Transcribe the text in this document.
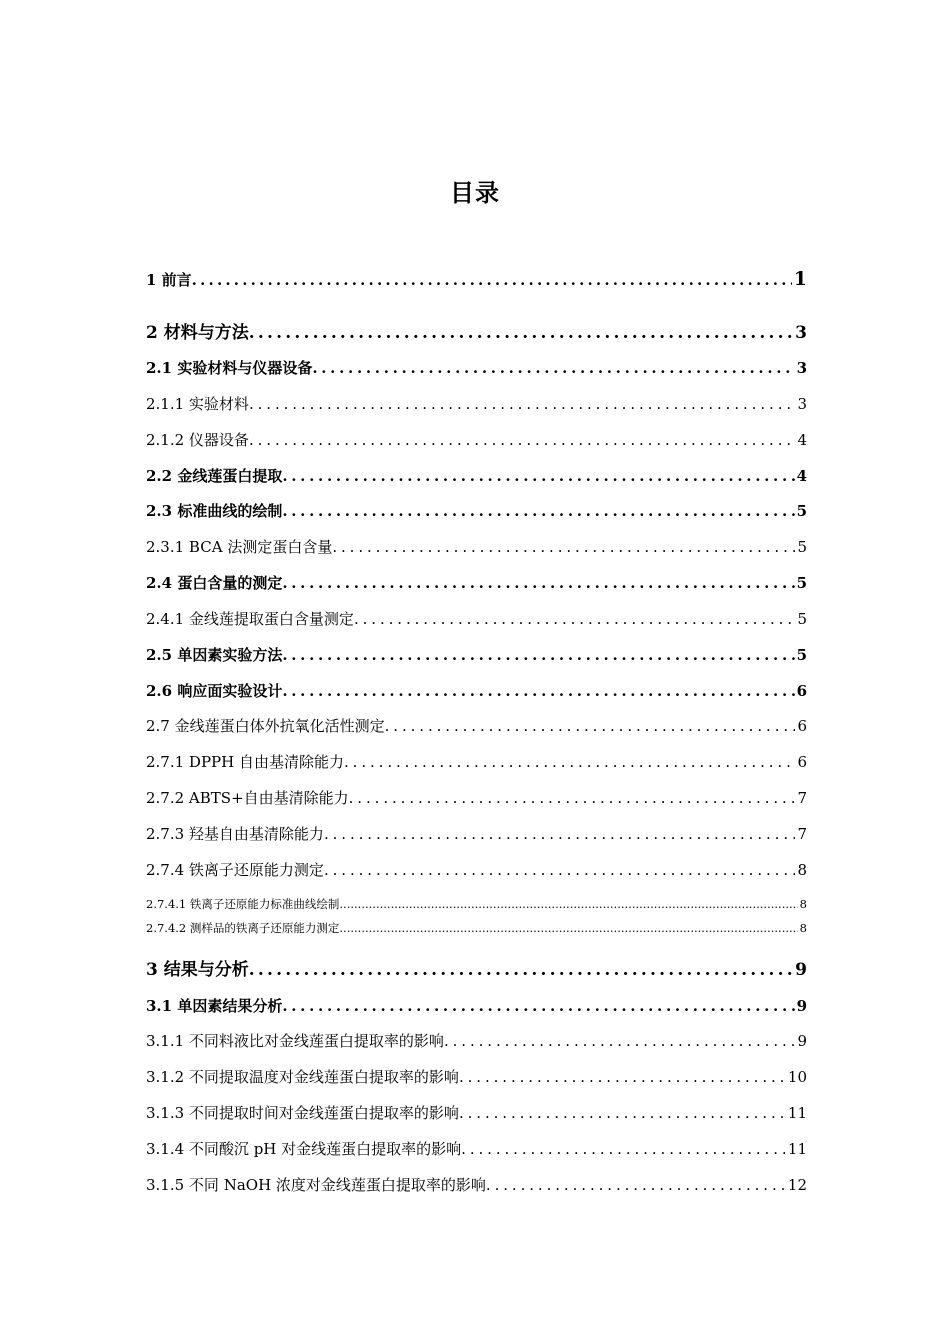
目录
1 前言 .....	1
2 材料与方法 .....	3
2.1 实验材料与仪器设备 .....	3
2.1.1 实验材料 .....	3
2.1.2 仪器设备 .....	4
2.2 金线莲蛋白提取 .....	4
2.3 标准曲线的绘制 .....	5
2.3.1 BCA 法测定蛋白含量 .....	5
2.4 蛋白含量的测定 .....	5
2.4.1 金线莲提取蛋白含量测定 .....	5
2.5 单因素实验方法 .....	5
2.6 响应面实验设计 .....	6
2.7 金线莲蛋白体外抗氧化活性测定 .....	6
2.7.1 DPPH 自由基清除能力 .....	6
2.7.2 ABTS+自由基清除能力 .....	7
2.7.3 羟基自由基清除能力 .....	7
2.7.4 铁离子还原能力测定 .....	8
2.7.4.1 铁离子还原能力标准曲线绘制 .....	8
2.7.4.2 测样品的铁离子还原能力测定 .....	8
3 结果与分析 .....	9
3.1 单因素结果分析 .....	9
3.1.1 不同料液比对金线莲蛋白提取率的影响 .....	9
3.1.2 不同提取温度对金线莲蛋白提取率的影响 .....	10
3.1.3 不同提取时间对金线莲蛋白提取率的影响 .....	11
3.1.4 不同酸沉 pH 对金线莲蛋白提取率的影响 .....	11
3.1.5 不同 NaOH 浓度对金线莲蛋白提取率的影响 .....	12
